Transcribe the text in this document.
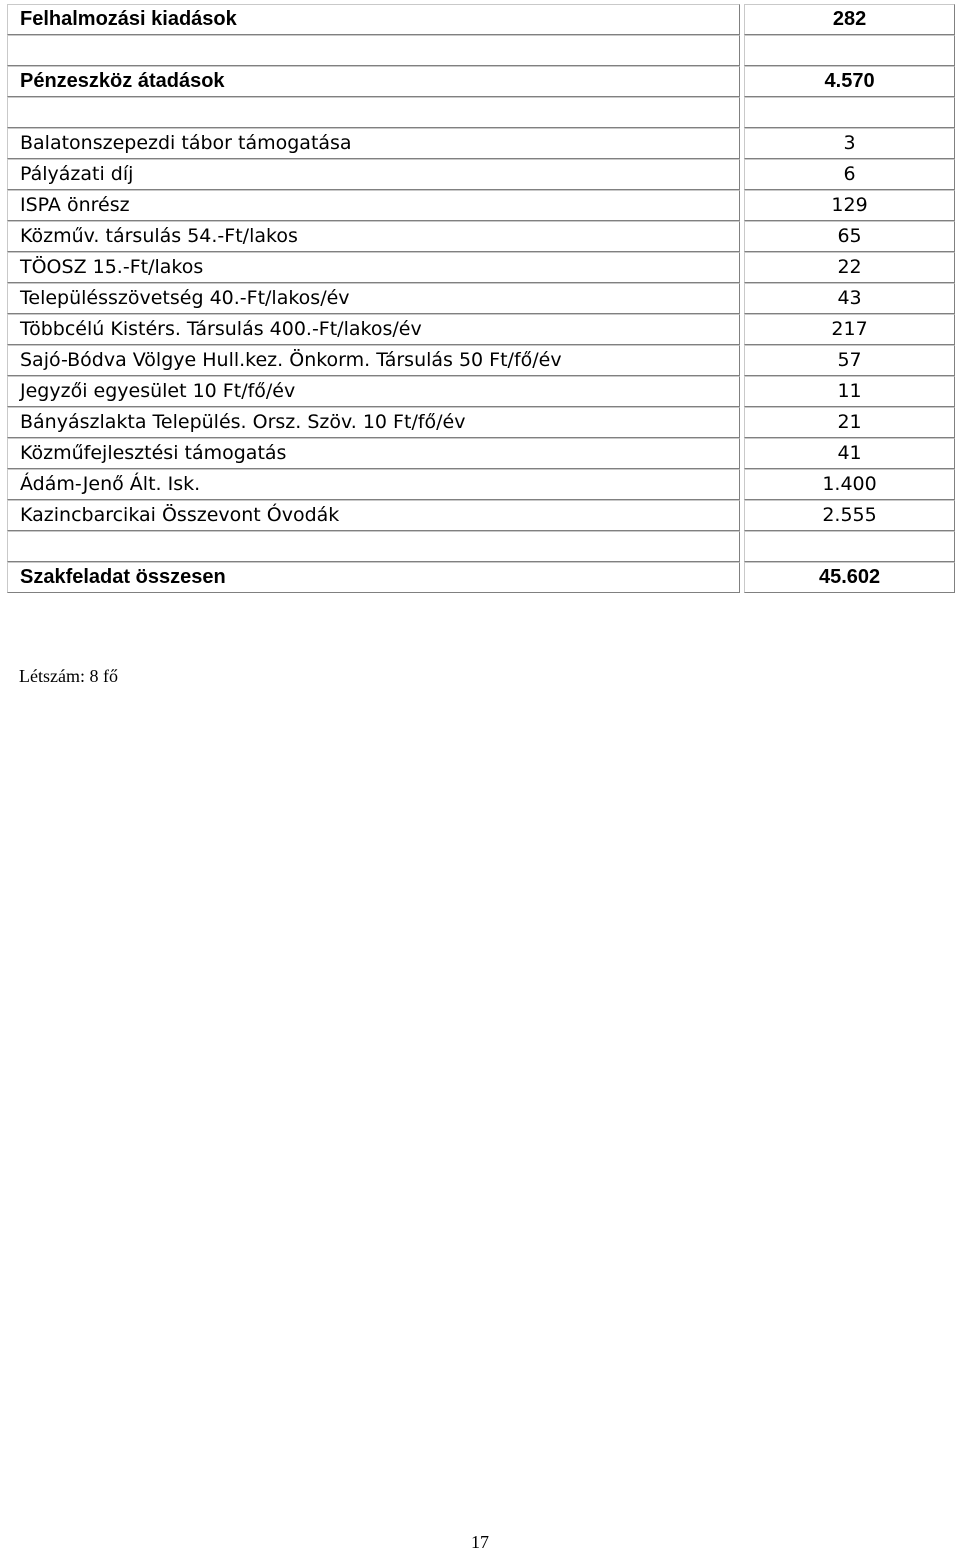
Felhalmozási kiadások		282

Pénzeszköz átadások		4.570

Balatonszepezdi tábor támogatása		3
Pályázati díj		6
ISPA önrész		129
Közműv. társulás 54.-Ft/lakos		65
TÖOSZ 15.-Ft/lakos		22
Településszövetség 40.-Ft/lakos/év		43
Többcélú Kistérs. Társulás 400.-Ft/lakos/év		217
Sajó-Bódva Völgye Hull.kez. Önkorm. Társulás 50 Ft/fő/év		57
Jegyzői egyesület 10 Ft/fő/év		11
Bányászlakta Település. Orsz. Szöv. 10 Ft/fő/év		21
Közműfejlesztési támogatás		41
Ádám-Jenő Ált. Isk.		1.400
Kazincbarcikai Összevont Óvodák		2.555

Szakfeladat összesen		45.602
Létszám: 8 fő
17
